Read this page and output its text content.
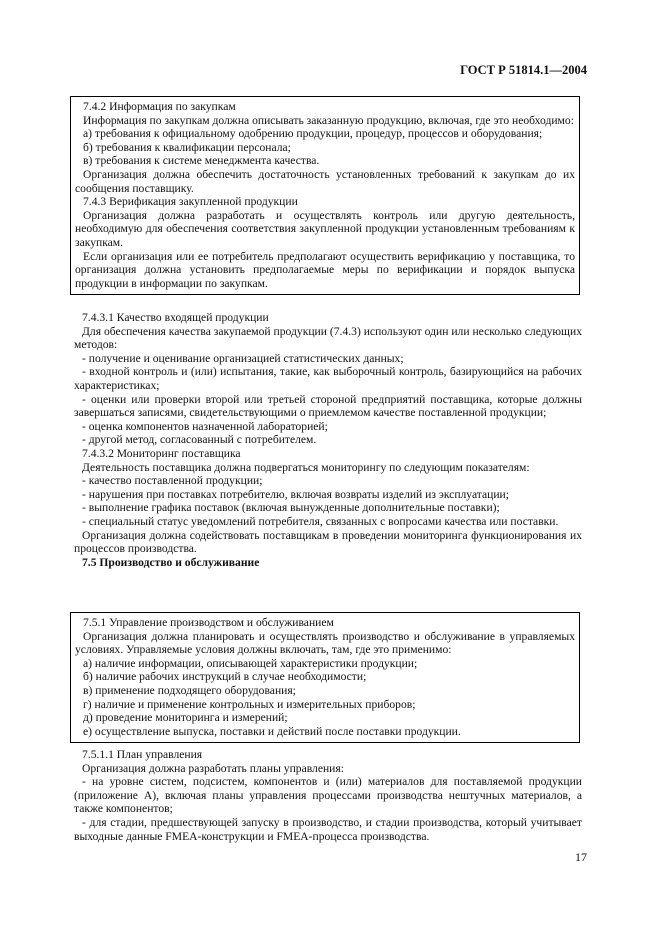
ГОСТ Р 51814.1—2004

7.4.2 Информация по закупкам

Информация по закупкам должна описывать заказанную продукцию, включая, где это необходимо:

а) требования к официальному одобрению продукции, процедур, процессов и оборудования;

б) требования к квалификации персонала;

в) требования к системе менеджмента качества.

Организация должна обеспечить достаточность установленных требований к закупкам до их сообщения поставщику.

7.4.3 Верификация закупленной продукции

Организация должна разработать и осуществлять контроль или другую деятельность, необходимую для обеспечения соответствия закупленной продукции установленным требованиям к закупкам.

Если организация или ее потребитель предполагают осуществить верификацию у поставщика, то организация должна установить предполагаемые меры по верификации и порядок выпуска продукции в информации по закупкам.

7.4.3.1 Качество входящей продукции

Для обеспечения качества закупаемой продукции (7.4.3) используют один или несколько следующих методов:

- получение и оценивание организацией статистических данных;

- входной контроль и (или) испытания, такие, как выборочный контроль, базирующийся на рабочих характеристиках;

- оценки или проверки второй или третьей стороной предприятий поставщика, которые должны завершаться записями, свидетельствующими о приемлемом качестве поставленной продукции;

- оценка компонентов назначенной лабораторией;

- другой метод, согласованный с потребителем.

7.4.3.2 Мониторинг поставщика

Деятельность поставщика должна подвергаться мониторингу по следующим показателям:

- качество поставленной продукции;

- нарушения при поставках потребителю, включая возвраты изделий из эксплуатации;

- выполнение графика поставок (включая вынужденные дополнительные поставки);

- специальный статус уведомлений потребителя, связанных с вопросами качества или поставки.

Организация должна содействовать поставщикам в проведении мониторинга функционирования их процессов производства.

7.5 Производство и обслуживание

7.5.1 Управление производством и обслуживанием

Организация должна планировать и осуществлять производство и обслуживание в управляемых условиях. Управляемые условия должны включать, там, где это применимо:

а) наличие информации, описывающей характеристики продукции;

б) наличие рабочих инструкций в случае необходимости;

в) применение подходящего оборудования;

г) наличие и применение контрольных и измерительных приборов;

д) проведение мониторинга и измерений;

е) осуществление выпуска, поставки и действий после поставки продукции.

7.5.1.1 План управления

Организация должна разработать планы управления:

- на уровне систем, подсистем, компонентов и (или) материалов для поставляемой продукции (приложение А), включая планы управления процессами производства нештучных материалов, а также компонентов;

- для стадии, предшествующей запуску в производство, и стадии производства, который учитывает выходные данные FMEA-конструкции и FMEA-процесса производства.

17
